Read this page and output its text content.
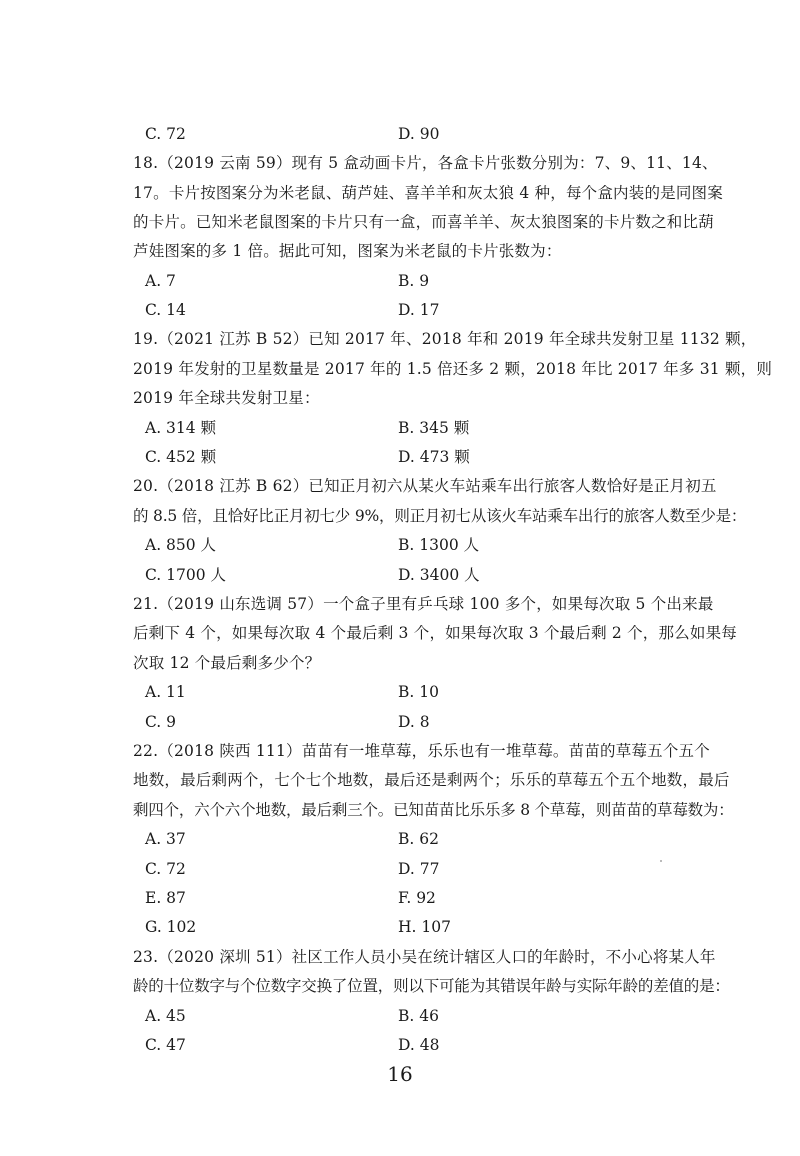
C. 72	D. 90
18.（2019 云南 59）现有 5 盒动画卡片，各盒卡片张数分别为：7、9、11、14、
17。卡片按图案分为米老鼠、葫芦娃、喜羊羊和灰太狼 4 种，每个盒内装的是同图案
的卡片。已知米老鼠图案的卡片只有一盒，而喜羊羊、灰太狼图案的卡片数之和比葫
芦娃图案的多 1 倍。据此可知，图案为米老鼠的卡片张数为：
A. 7	B. 9
C. 14	D. 17
19.（2021 江苏 B 52）已知 2017 年、2018 年和 2019 年全球共发射卫星 1132 颗，
2019 年发射的卫星数量是 2017 年的 1.5 倍还多 2 颗，2018 年比 2017 年多 31 颗，则
2019 年全球共发射卫星：
A. 314 颗	B. 345 颗
C. 452 颗	D. 473 颗
20.（2018 江苏 B 62）已知正月初六从某火车站乘车出行旅客人数恰好是正月初五
的 8.5 倍，且恰好比正月初七少 9%，则正月初七从该火车站乘车出行的旅客人数至少是：
A. 850 人	B. 1300 人
C. 1700 人	D. 3400 人
21.（2019 山东选调 57）一个盒子里有乒乓球 100 多个，如果每次取 5 个出来最
后剩下 4 个，如果每次取 4 个最后剩 3 个，如果每次取 3 个最后剩 2 个，那么如果每
次取 12 个最后剩多少个？
A. 11	B. 10
C. 9	D. 8
22.（2018 陕西 111）苗苗有一堆草莓，乐乐也有一堆草莓。苗苗的草莓五个五个
地数，最后剩两个，七个七个地数，最后还是剩两个；乐乐的草莓五个五个地数，最后
剩四个，六个六个地数，最后剩三个。已知苗苗比乐乐多 8 个草莓，则苗苗的草莓数为：
A. 37	B. 62
C. 72	D. 77
E. 87	F. 92
G. 102	H. 107
23.（2020 深圳 51）社区工作人员小吴在统计辖区人口的年龄时，不小心将某人年
龄的十位数字与个位数字交换了位置，则以下可能为其错误年龄与实际年龄的差值的是：
A. 45	B. 46
C. 47	D. 48
16
